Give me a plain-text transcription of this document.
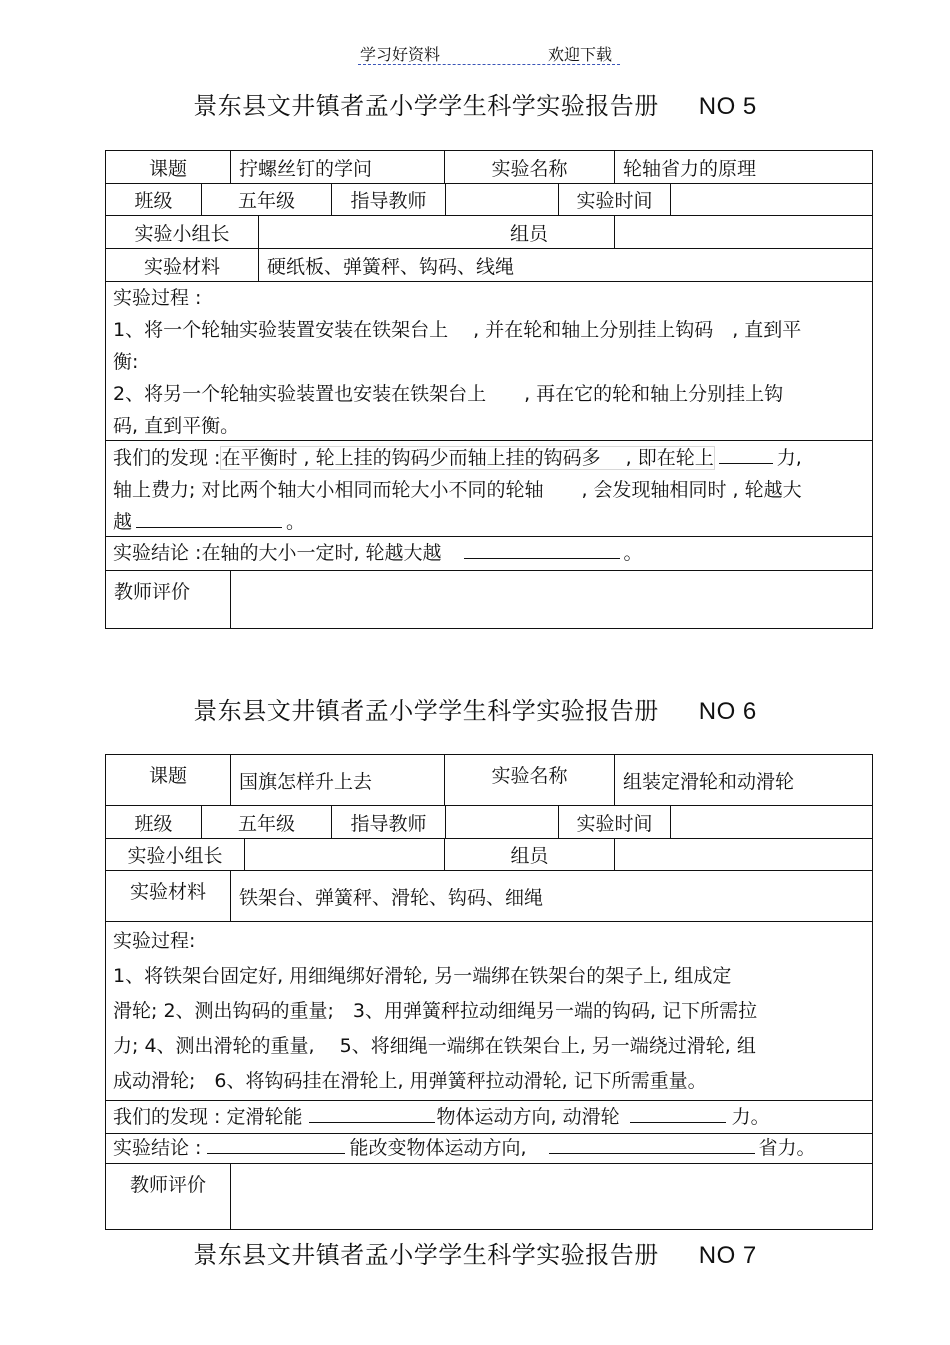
学习好资料	欢迎下载
景东县文井镇者孟小学学生科学实验报告册 NO 5
课题	拧螺丝钉的学问	实验名称	轮轴省力的原理
班级	五年级	指导教师	实验时间
实验小组长	组员
实验材料	硬纸板、弹簧秤、钩码、线绳
实验过程 :
1、将一个轮轴实验装置安装在铁架台上　 , 并在轮和轴上分别挂上钩码　, 直到平
衡:
2、将另一个轮轴实验装置也安装在铁架台上　　, 再在它的轮和轴上分别挂上钩
码, 直到平衡。
我们的发现 :在平衡时 , 轮上挂的钩码少而轴上挂的钩码多　 , 即在轮上	力,
轴上费力; 对比两个轴大小相同而轮大小不同的轮轴　　, 会发现轴相同时 , 轮越大
越	。
实验结论 :在轴的大小一定时, 轮越大越	。
教师评价
景东县文井镇者孟小学学生科学实验报告册 NO 6
课题	国旗怎样升上去	实验名称	组装定滑轮和动滑轮
班级	五年级	指导教师	实验时间
实验小组长	组员
实验材料	铁架台、弹簧秤、滑轮、钩码、细绳
实验过程:
1、将铁架台固定好, 用细绳绑好滑轮, 另一端绑在铁架台的架子上, 组成定
滑轮; 2、测出钩码的重量;　3、用弹簧秤拉动细绳另一端的钩码, 记下所需拉
力; 4、测出滑轮的重量,　 5、将细绳一端绑在铁架台上, 另一端绕过滑轮, 组
成动滑轮;　6、将钩码挂在滑轮上, 用弹簧秤拉动滑轮, 记下所需重量。
我们的发现 : 定滑轮能	物体运动方向, 动滑轮	力。
实验结论 :	能改变物体运动方向,	省力。
教师评价
景东县文井镇者孟小学学生科学实验报告册 NO 7
